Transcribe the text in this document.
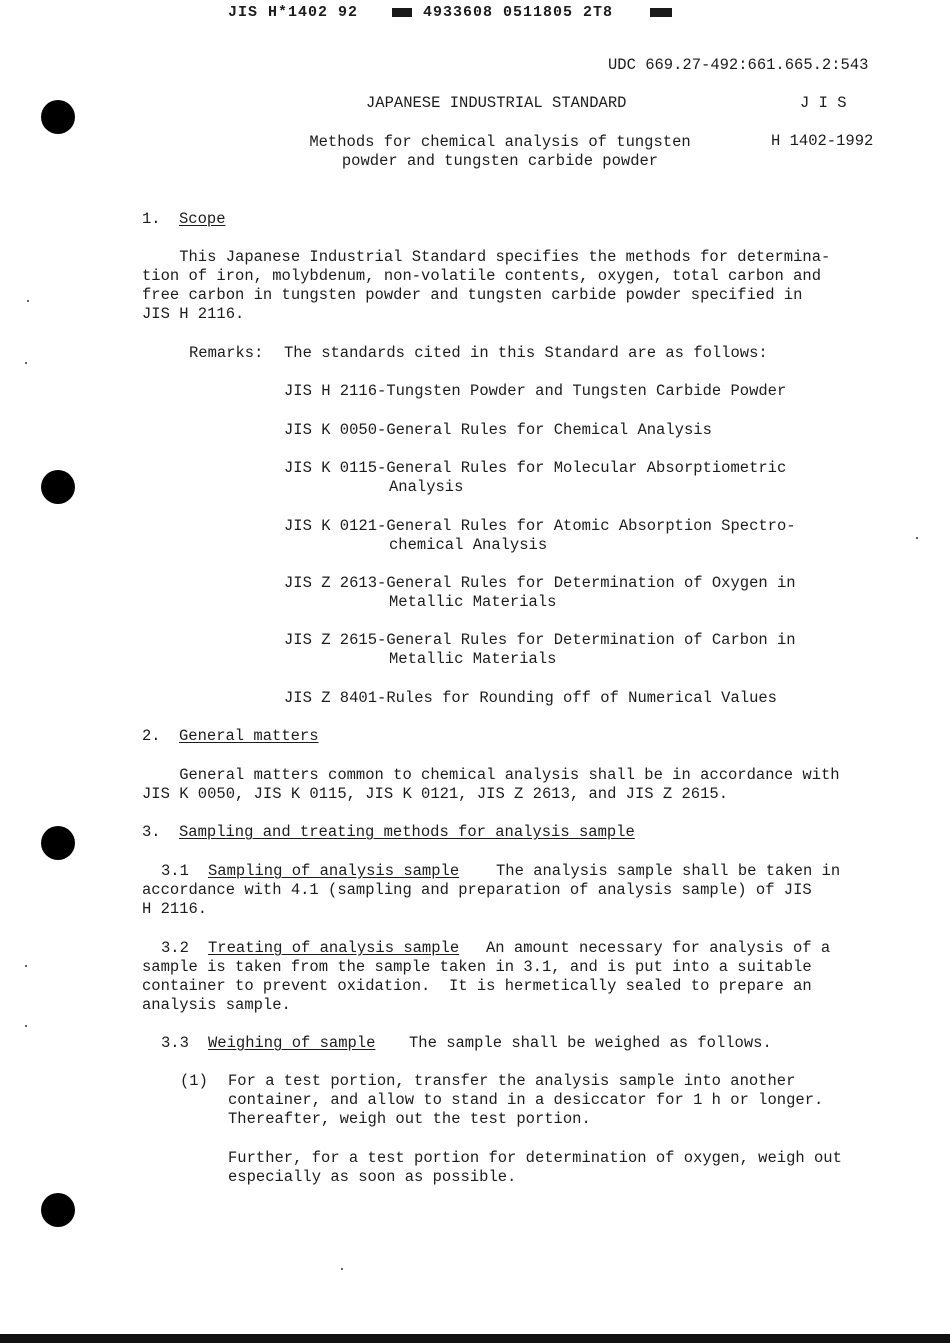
JIS H*1402 92	4933608 0511805 2T8
UDC 669.27-492:661.665.2:543
JAPANESE INDUSTRIAL STANDARD	J I S
Methods for chemical analysis of tungsten
powder and tungsten carbide powder
H 1402-1992
1. Scope
This Japanese Industrial Standard specifies the methods for determina-
tion of iron, molybdenum, non-volatile contents, oxygen, total carbon and
free carbon in tungsten powder and tungsten carbide powder specified in
JIS H 2116.
Remarks: The standards cited in this Standard are as follows:
JIS H 2116-Tungsten Powder and Tungsten Carbide Powder
JIS K 0050-General Rules for Chemical Analysis
JIS K 0115-General Rules for Molecular Absorptiometric
Analysis
JIS K 0121-General Rules for Atomic Absorption Spectro-
chemical Analysis
JIS Z 2613-General Rules for Determination of Oxygen in
Metallic Materials
JIS Z 2615-General Rules for Determination of Carbon in
Metallic Materials
JIS Z 8401-Rules for Rounding off of Numerical Values
2. General matters
General matters common to chemical analysis shall be in accordance with
JIS K 0050, JIS K 0115, JIS K 0121, JIS Z 2613, and JIS Z 2615.
3. Sampling and treating methods for analysis sample
3.1 Sampling of analysis sample The analysis sample shall be taken in
accordance with 4.1 (sampling and preparation of analysis sample) of JIS
H 2116.
3.2 Treating of analysis sample An amount necessary for analysis of a
sample is taken from the sample taken in 3.1, and is put into a suitable
container to prevent oxidation.  It is hermetically sealed to prepare an
analysis sample.
3.3 Weighing of sample The sample shall be weighed as follows.
(1) For a test portion, transfer the analysis sample into another
container, and allow to stand in a desiccator for 1 h or longer.
Thereafter, weigh out the test portion.
Further, for a test portion for determination of oxygen, weigh out
especially as soon as possible.
